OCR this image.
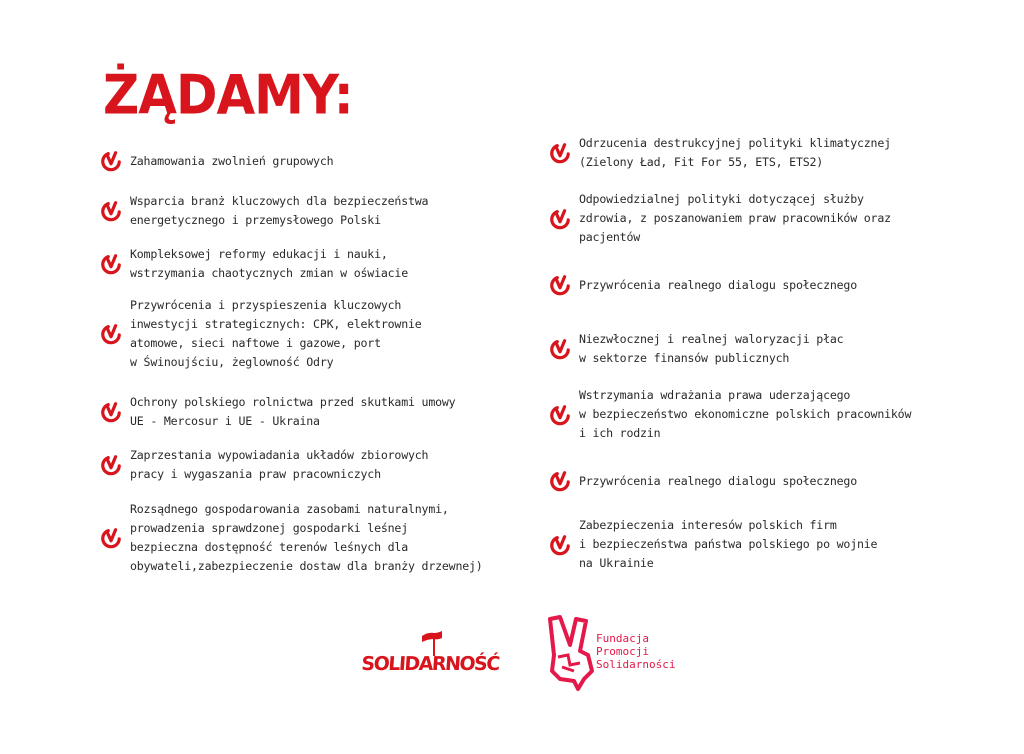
ŻĄDAMY:
Zahamowania zwolnień grupowych
Wsparcia branż kluczowych dla bezpieczeństwa
energetycznego i przemysłowego Polski
Kompleksowej reformy edukacji i nauki,
wstrzymania chaotycznych zmian w oświacie
Przywrócenia i przyspieszenia kluczowych
inwestycji strategicznych: CPK, elektrownie
atomowe, sieci naftowe i gazowe, port
w Świnoujściu, żeglowność Odry
Ochrony polskiego rolnictwa przed skutkami umowy
UE - Mercosur i UE - Ukraina
Zaprzestania wypowiadania układów zbiorowych
pracy i wygaszania praw pracowniczych
Rozsądnego gospodarowania zasobami naturalnymi,
prowadzenia sprawdzonej gospodarki leśnej
bezpieczna dostępność terenów leśnych dla
obywateli,zabezpieczenie dostaw dla branży drzewnej)
Odrzucenia destrukcyjnej polityki klimatycznej
(Zielony Ład, Fit For 55, ETS, ETS2)
Odpowiedzialnej polityki dotyczącej służby
zdrowia, z poszanowaniem praw pracowników oraz
pacjentów
Przywrócenia realnego dialogu społecznego
Niezwłocznej i realnej waloryzacji płac
w sektorze finansów publicznych
Wstrzymania wdrażania prawa uderzającego
w bezpieczeństwo ekonomiczne polskich pracowników
i ich rodzin
Przywrócenia realnego dialogu społecznego
Zabezpieczenia interesów polskich firm
i bezpieczeństwa państwa polskiego po wojnie
na Ukrainie
SOLIDARNOŚĆ
Fundacja
Promocji
Solidarności
